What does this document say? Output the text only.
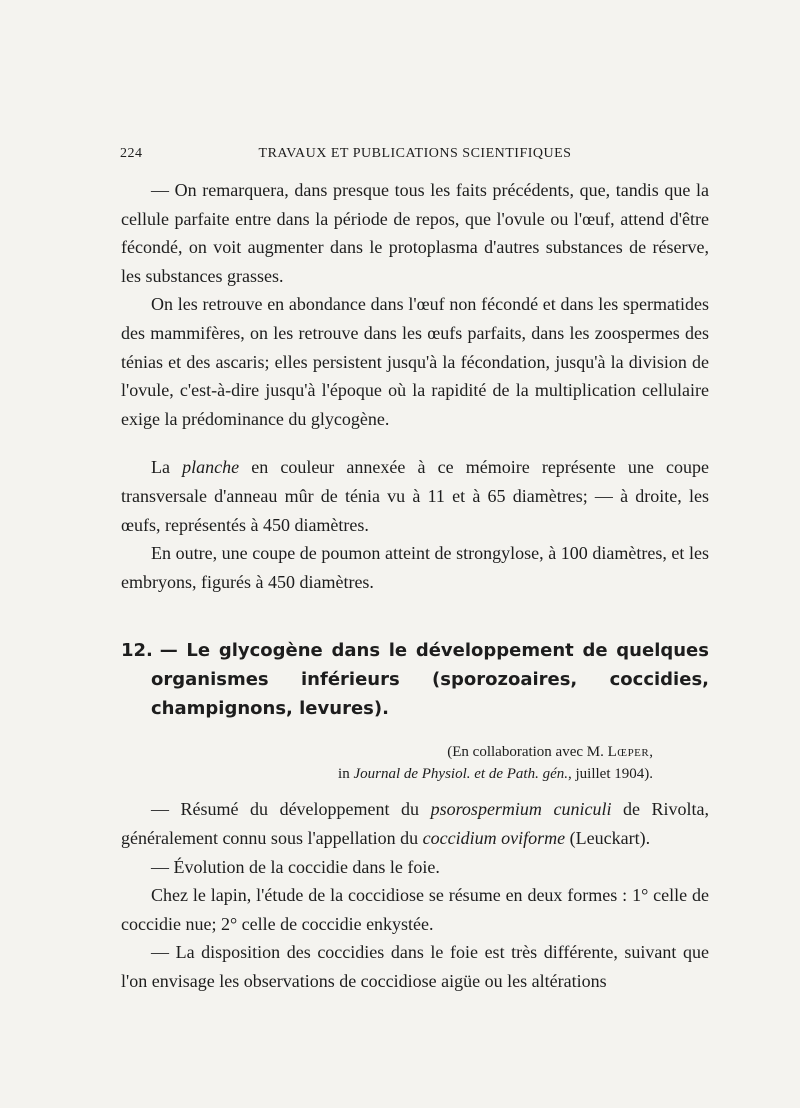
224	TRAVAUX ET PUBLICATIONS SCIENTIFIQUES

— On remarquera, dans presque tous les faits précédents, que, tandis que la cellule parfaite entre dans la période de repos, que l'ovule ou l'œuf, attend d'être fécondé, on voit augmenter dans le protoplasma d'autres substances de réserve, les substances grasses.

On les retrouve en abondance dans l'œuf non fécondé et dans les spermatides des mammifères, on les retrouve dans les œufs parfaits, dans les zoospermes des ténias et des ascaris; elles persistent jusqu'à la fécondation, jusqu'à la division de l'ovule, c'est-à-dire jusqu'à l'époque où la rapidité de la multiplication cellulaire exige la prédominance du glycogène.

La planche en couleur annexée à ce mémoire représente une coupe transversale d'anneau mûr de ténia vu à 11 et à 65 diamètres; — à droite, les œufs, représentés à 450 diamètres.

En outre, une coupe de poumon atteint de strongylose, à 100 diamètres, et les embryons, figurés à 450 diamètres.

12. — Le glycogène dans le développement de quelques organismes inférieurs (sporozoaires, coccidies, champignons, levures).
(En collaboration avec M. Lœper,
in Journal de Physiol. et de Path. gén., juillet 1904).

— Résumé du développement du psorospermium cuniculi de Rivolta, généralement connu sous l'appellation du coccidium oviforme (Leuckart).

— Évolution de la coccidie dans le foie.

Chez le lapin, l'étude de la coccidiose se résume en deux formes : 1° celle de coccidie nue; 2° celle de coccidie enkystée.

— La disposition des coccidies dans le foie est très différente, suivant que l'on envisage les observations de coccidiose aigüe ou les altérations
